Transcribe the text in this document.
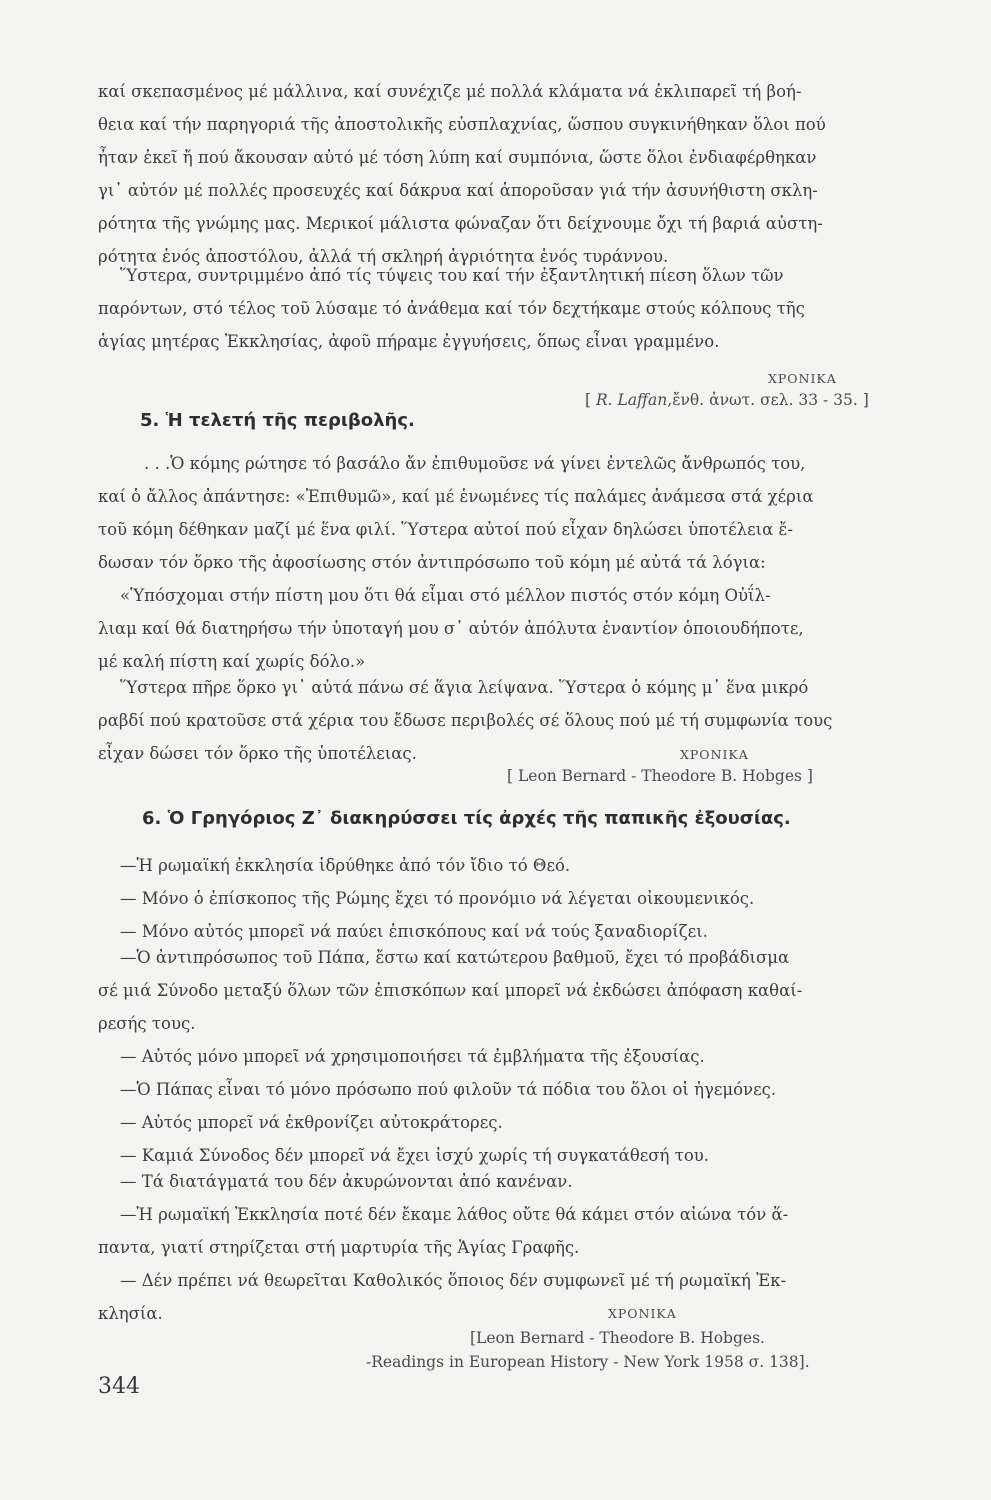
καί σκεπασμένος μέ μάλλινα, καί συνέχιζε μέ πολλά κλάματα νά ἐκλιπαρεῖ τή βοή-

θεια καί τήν παρηγοριά τῆς ἀποστολικῆς εὐσπλαχνίας, ὥσπου συγκινήθηκαν ὅλοι πού

ἦταν ἐκεῖ ἤ πού ἄκουσαν αὐτό μέ τόση λύπη καί συμπόνια, ὥστε ὅλοι ἐνδιαφέρθηκαν

γι᾽ αὐτόν μέ πολλές προσευχές καί δάκρυα καί ἀποροῦσαν γιά τήν ἀσυνήθιστη σκλη-

ρότητα τῆς γνώμης μας. Μερικοί μάλιστα φώναζαν ὅτι δείχνουμε ὄχι τή βαριά αὐστη-

ρότητα ἑνός ἀποστόλου, ἀλλά τή σκληρή ἀγριότητα ἑνός τυράννου.

Ὕστερα, συντριμμένο ἀπό τίς τύψεις του καί τήν ἐξαντλητική πίεση ὅλων τῶν

παρόντων, στό τέλος τοῦ λύσαμε τό ἀνάθεμα καί τόν δεχτήκαμε στούς κόλπους τῆς

ἁγίας μητέρας Ἐκκλησίας, ἀφοῦ πήραμε ἐγγυήσεις, ὅπως εἶναι γραμμένο.

ΧΡΟΝΙΚΑ

[ R. Laffan,ἔνθ. ἀνωτ. σελ. 33 - 35. ]

5. Ἡ τελετή τῆς περιβολῆς.

. . .Ὁ κόμης ρώτησε τό βασάλο ἄν ἐπιθυμοῦσε νά γίνει ἐντελῶς ἄνθρωπός του,

καί ὁ ἄλλος ἀπάντησε: «Ἐπιθυμῶ», καί μέ ἑνωμένες τίς παλάμες ἀνάμεσα στά χέρια

τοῦ κόμη δέθηκαν μαζί μέ ἕνα φιλί. Ὕστερα αὐτοί πού εἶχαν δηλώσει ὑποτέλεια ἔ-

δωσαν τόν ὅρκο τῆς ἀφοσίωσης στόν ἀντιπρόσωπο τοῦ κόμη μέ αὐτά τά λόγια:

«Ὑπόσχομαι στήν πίστη μου ὅτι θά εἶμαι στό μέλλον πιστός στόν κόμη Οὐΐλ-

λιαμ καί θά διατηρήσω τήν ὑποταγή μου σ᾽ αὐτόν ἀπόλυτα ἐναντίον ὁποιουδήποτε,

μέ καλή πίστη καί χωρίς δόλο.»

Ὕστερα πῆρε ὅρκο γι᾽ αὐτά πάνω σέ ἅγια λείψανα. Ὕστερα ὁ κόμης μ᾽ ἕνα μικρό

ραβδί πού κρατοῦσε στά χέρια του ἔδωσε περιβολές σέ ὅλους πού μέ τή συμφωνία τους

εἶχαν δώσει τόν ὅρκο τῆς ὑποτέλειας.	ΧΡΟΝΙΚΑ

[ Leon Bernard - Theodore B. Hobges ]

6. Ὁ Γρηγόριος Ζ᾽ διακηρύσσει τίς ἀρχές τῆς παπικῆς ἐξουσίας.

—Ἡ ρωμαϊκή ἐκκλησία ἱδρύθηκε ἀπό τόν ἴδιο τό Θεό.

— Μόνο ὁ ἐπίσκοπος τῆς Ρώμης ἔχει τό προνόμιο νά λέγεται οἰκουμενικός.

— Μόνο αὐτός μπορεῖ νά παύει ἐπισκόπους καί νά τούς ξαναδιορίζει.

—Ὁ ἀντιπρόσωπος τοῦ Πάπα, ἔστω καί κατώτερου βαθμοῦ, ἔχει τό προβάδισμα

σέ μιά Σύνοδο μεταξύ ὅλων τῶν ἐπισκόπων καί μπορεῖ νά ἐκδώσει ἀπόφαση καθαί-

ρεσής τους.

— Αὐτός μόνο μπορεῖ νά χρησιμοποιήσει τά ἐμβλήματα τῆς ἐξουσίας.

—Ὁ Πάπας εἶναι τό μόνο πρόσωπο πού φιλοῦν τά πόδια του ὅλοι οἱ ἡγεμόνες.

— Αὐτός μπορεῖ νά ἐκθρονίζει αὐτοκράτορες.

— Καμιά Σύνοδος δέν μπορεῖ νά ἔχει ἰσχύ χωρίς τή συγκατάθεσή του.

— Τά διατάγματά του δέν ἀκυρώνονται ἀπό κανέναν.

—Ἡ ρωμαϊκή Ἐκκλησία ποτέ δέν ἔκαμε λάθος οὔτε θά κάμει στόν αἰώνα τόν ἅ-

παντα, γιατί στηρίζεται στή μαρτυρία τῆς Ἁγίας Γραφῆς.

— Δέν πρέπει νά θεωρεῖται Καθολικός ὅποιος δέν συμφωνεῖ μέ τή ρωμαϊκή Ἐκ-

κλησία.	ΧΡΟΝΙΚΑ

[Leon Bernard - Theodore B. Hobges.

-Readings in European History - New York 1958 σ. 138].

344
